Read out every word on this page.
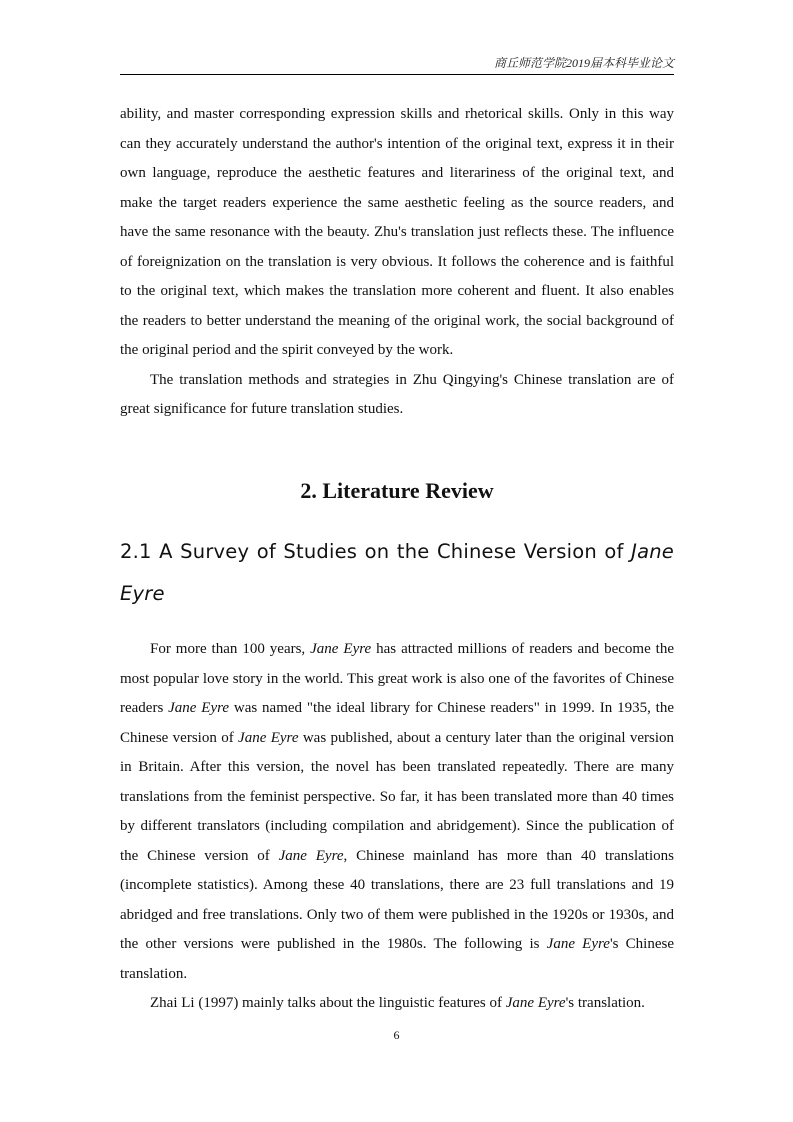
商丘师范学院2019届本科毕业论文

ability, and master corresponding expression skills and rhetorical skills. Only in this way can they accurately understand the author's intention of the original text, express it in their own language, reproduce the aesthetic features and literariness of the original text, and make the target readers experience the same aesthetic feeling as the source readers, and have the same resonance with the beauty. Zhu's translation just reflects these. The influence of foreignization on the translation is very obvious. It follows the coherence and is faithful to the original text, which makes the translation more coherent and fluent. It also enables the readers to better understand the meaning of the original work, the social background of the original period and the spirit conveyed by the work.

The translation methods and strategies in Zhu Qingying's Chinese translation are of great significance for future translation studies.

2. Literature Review
2.1 A Survey of Studies on the Chinese Version of Jane Eyre

For more than 100 years, Jane Eyre has attracted millions of readers and become the most popular love story in the world. This great work is also one of the favorites of Chinese readers Jane Eyre was named "the ideal library for Chinese readers" in 1999. In 1935, the Chinese version of Jane Eyre was published, about a century later than the original version in Britain. After this version, the novel has been translated repeatedly. There are many translations from the feminist perspective. So far, it has been translated more than 40 times by different translators (including compilation and abridgement). Since the publication of the Chinese version of Jane Eyre, Chinese mainland has more than 40 translations (incomplete statistics). Among these 40 translations, there are 23 full translations and 19 abridged and free translations. Only two of them were published in the 1920s or 1930s, and the other versions were published in the 1980s. The following is Jane Eyre's Chinese translation.

Zhai Li (1997) mainly talks about the linguistic features of Jane Eyre's translation.

6
